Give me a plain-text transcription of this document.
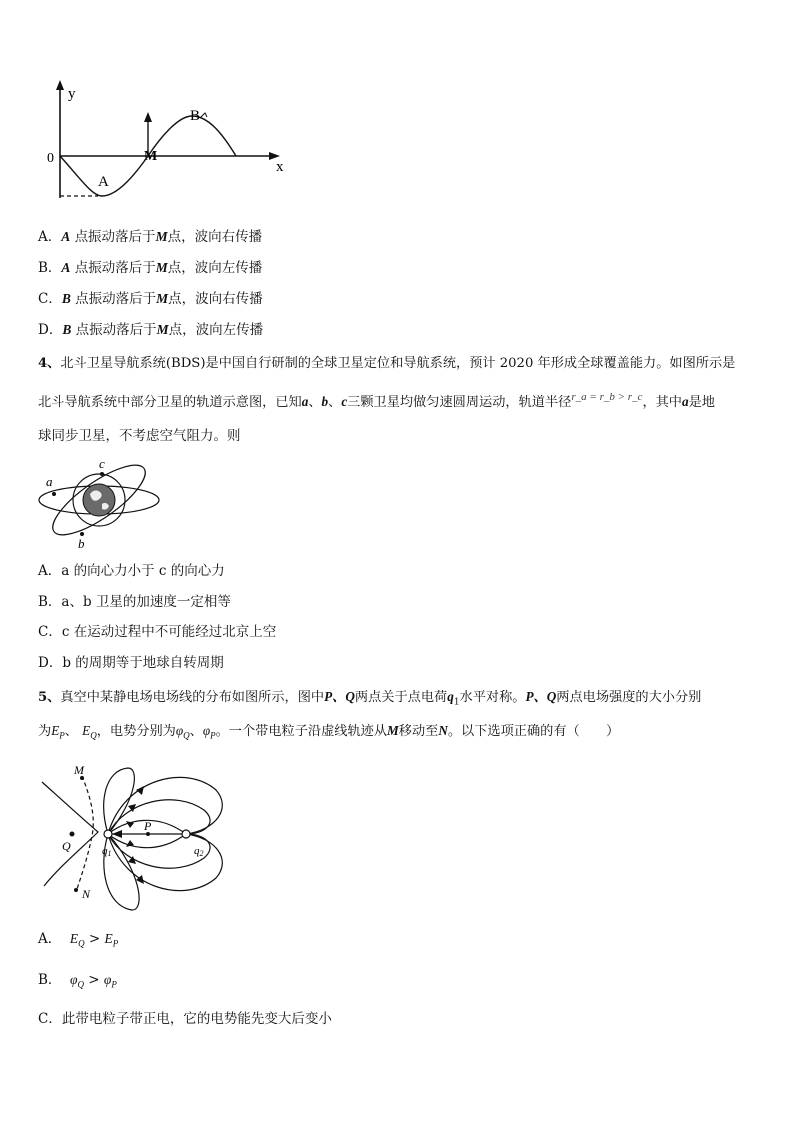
y
x
0
A
B
M
A．A 点振动落后于M点，波向右传播
B．A 点振动落后于M点，波向左传播
C．B 点振动落后于M点，波向右传播
D．B 点振动落后于M点，波向左传播
4、北斗卫星导航系统(BDS)是中国自行研制的全球卫星定位和导航系统，预计 2020 年形成全球覆盖能力。如图所示是
北斗导航系统中部分卫星的轨道示意图，已知a、b、c三颗卫星均做匀速圆周运动，轨道半径$^{r\_a = r\_b > r\_c}$，其中a是地
球同步卫星，不考虑空气阻力。则
a
c
b
A．a 的向心力小于 c 的向心力
B．a、b 卫星的加速度一定相等
C．c 在运动过程中不可能经过北京上空
D．b 的周期等于地球自转周期
5、真空中某静电场电场线的分布如图所示，图中P、Q两点关于点电荷$q_1$水平对称。P、Q两点电场强度的大小分别
为$E_P$、 $E_Q$，电势分别为$\varphi_Q$、$\varphi_P$。一个带电粒子沿虚线轨迹从M移动至N。以下选项正确的有（　　）
M
Q
P
q1	q2
N
A． $E_Q > E_P$
B． $\varphi_Q > \varphi_P$
C．此带电粒子带正电，它的电势能先变大后变小
